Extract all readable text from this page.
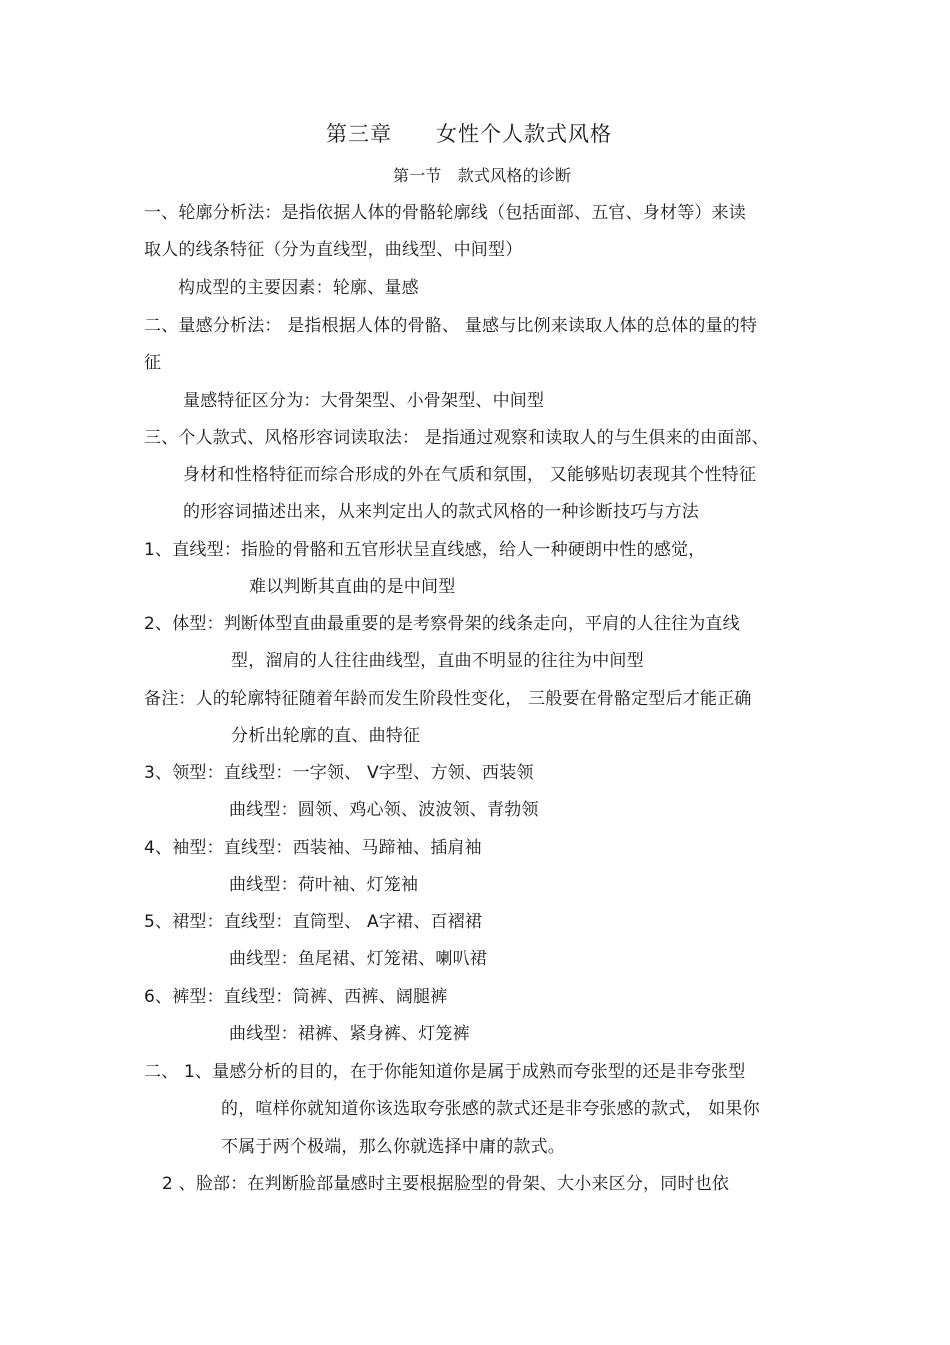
第三章　　女性个人款式风格
第一节　款式风格的诊断
一、轮廓分析法：是指依据人体的骨骼轮廓线（包括面部、五官、身材等）来读
取人的线条特征（分为直线型，曲线型、中间型）
构成型的主要因素：轮廓、量感
二、量感分析法： 是指根据人体的骨骼、 量感与比例来读取人体的总体的量的特
征
量感特征区分为：大骨架型、小骨架型、中间型
三、个人款式、风格形容词读取法： 是指通过观察和读取人的与生俱来的由面部、
身材和性格特征而综合形成的外在气质和氛围， 又能够贴切表现其个性特征
的形容词描述出来，从来判定出人的款式风格的一种诊断技巧与方法
1、直线型：指脸的骨骼和五官形状呈直线感，给人一种硬朗中性的感觉，
难以判断其直曲的是中间型
2、体型：判断体型直曲最重要的是考察骨架的线条走向，平肩的人往往为直线
型，溜肩的人往往曲线型，直曲不明显的往往为中间型
备注：人的轮廓特征随着年龄而发生阶段性变化， 三般要在骨骼定型后才能正确
分析出轮廓的直、曲特征
3、领型：直线型：一字领、 V字型、方领、西装领
曲线型：圆领、鸡心领、波波领、青勃领
4、袖型：直线型：西装袖、马蹄袖、插肩袖
曲线型：荷叶袖、灯笼袖
5、裙型：直线型：直筒型、 A字裙、百褶裙
曲线型：鱼尾裙、灯笼裙、喇叭裙
6、裤型：直线型：筒裤、西裤、阔腿裤
曲线型：裙裤、紧身裤、灯笼裤
二、 1、量感分析的目的，在于你能知道你是属于成熟而夸张型的还是非夸张型
的，喧样你就知道你该选取夸张感的款式还是非夸张感的款式， 如果你
不属于两个极端，那么你就选择中庸的款式。
2 、脸部：在判断脸部量感时主要根据脸型的骨架、大小来区分，同时也依
